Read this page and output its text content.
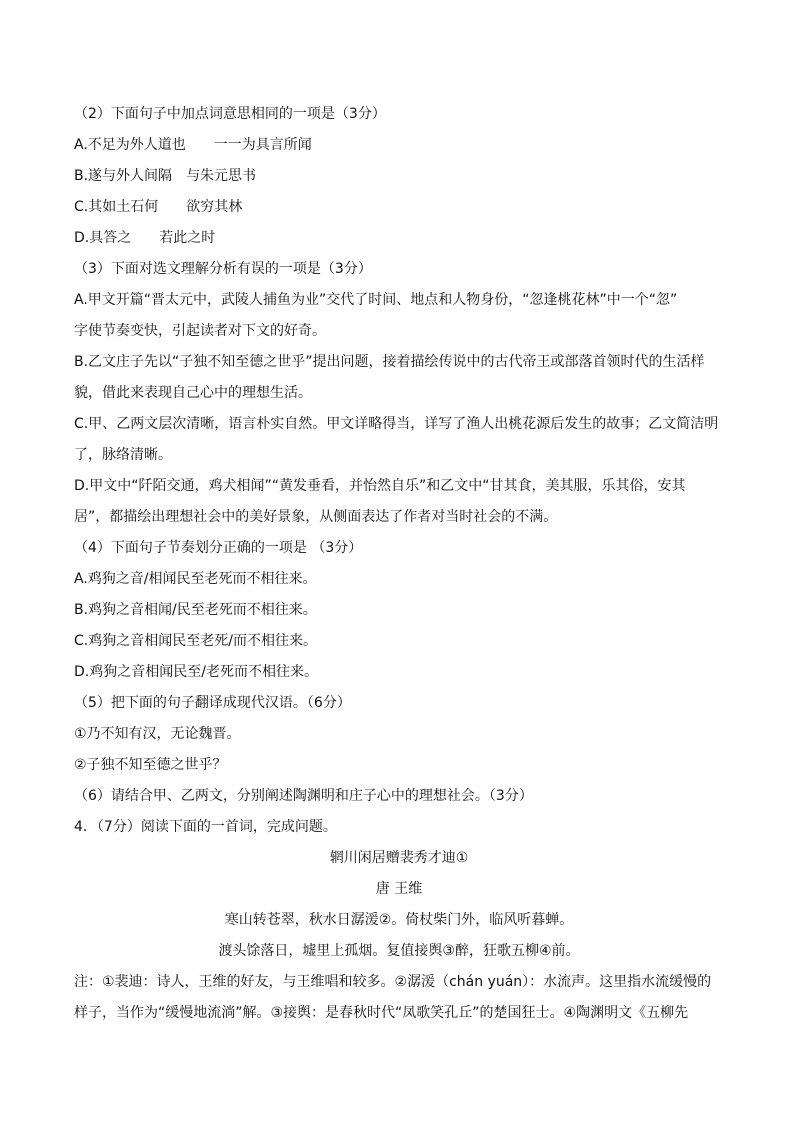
（2）下面句子中加点词意思相同的一项是（3分）
A.不足为外人道也 一一为具言所闻
B.遂与外人间隔 与朱元思书
C.其如土石何 欲穷其林
D.具答之 若此之时
（3）下面对选文理解分析有误的一项是（3分）
A.甲文开篇“晋太元中，武陵人捕鱼为业”交代了时间、地点和人物身份，“忽逢桃花林”中一个“忽”
字使节奏变快，引起读者对下文的好奇。
B.乙文庄子先以“子独不知至德之世乎”提出问题，接着描绘传说中的古代帝王或部落首领时代的生活样
貌，借此来表现自己心中的理想生活。
C.甲、乙两文层次清晰，语言朴实自然。甲文详略得当，详写了渔人出桃花源后发生的故事；乙文简洁明
了，脉络清晰。
D.甲文中“阡陌交通，鸡犬相闻”“黄发垂看，并怡然自乐”和乙文中“甘其食，美其服，乐其俗，安其
居”，都描绘出理想社会中的美好景象，从侧面表达了作者对当时社会的不满。
（4）下面句子节奏划分正确的一项是 （3分）
A.鸡狗之音/相闻民至老死而不相往来。
B.鸡狗之音相闻/民至老死而不相往来。
C.鸡狗之音相闻民至老死/而不相往来。
D.鸡狗之音相闻民至/老死而不相往来。
（5）把下面的句子翻译成现代汉语。（6分）
①乃不知有汉，无论魏晋。
②子独不知至德之世乎？
（6）请结合甲、乙两文，分别阐述陶渊明和庄子心中的理想社会。（3分）
4．（7分）阅读下面的一首词，完成问题。
辋川闲居赠裴秀才迪①
唐 王维
寒山转苍翠，秋水日潺湲②。倚杖柴门外，临风听暮蝉。
渡头馀落日，墟里上孤烟。复值接舆③醉，狂歌五柳④前。
注：①裴迪：诗人，王维的好友，与王维唱和较多。②潺湲（chán yuán）：水流声。这里指水流缓慢的
样子，当作为“缓慢地流淌”解。③接舆：是春秋时代“凤歌笑孔丘”的楚国狂士。④陶渊明文《五柳先
